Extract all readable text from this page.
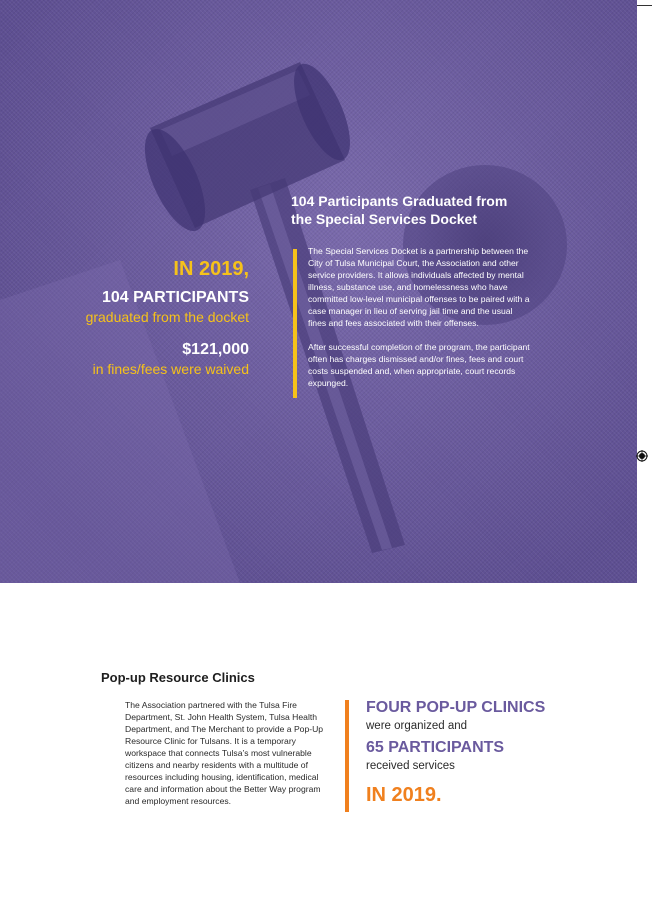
104 Participants Graduated from the Special Services Docket
IN 2019,
104 PARTICIPANTS
graduated from the docket
$121,000
in fines/fees were waived

The Special Services Docket is a partnership between the City of Tulsa Municipal Court, the Association and other service providers. It allows individuals affected by mental illness, substance use, and homelessness who have committed low-level municipal offenses to be paired with a case manager in lieu of serving jail time and the usual fines and fees associated with their offenses.

After successful completion of the program, the participant often has charges dismissed and/or fines, fees and court costs suspended and, when appropriate, court records expunged.

Pop-up Resource Clinics

The Association partnered with the Tulsa Fire Department, St. John Health System, Tulsa Health Department, and The Merchant to provide a Pop-Up Resource Clinic for Tulsans. It is a temporary workspace that connects Tulsa’s most vulnerable citizens and nearby residents with a multitude of resources including housing, identification, medical care and information about the Better Way program and employment resources.

FOUR POP-UP CLINICS
were organized and
65 PARTICIPANTS
received services
IN 2019.
